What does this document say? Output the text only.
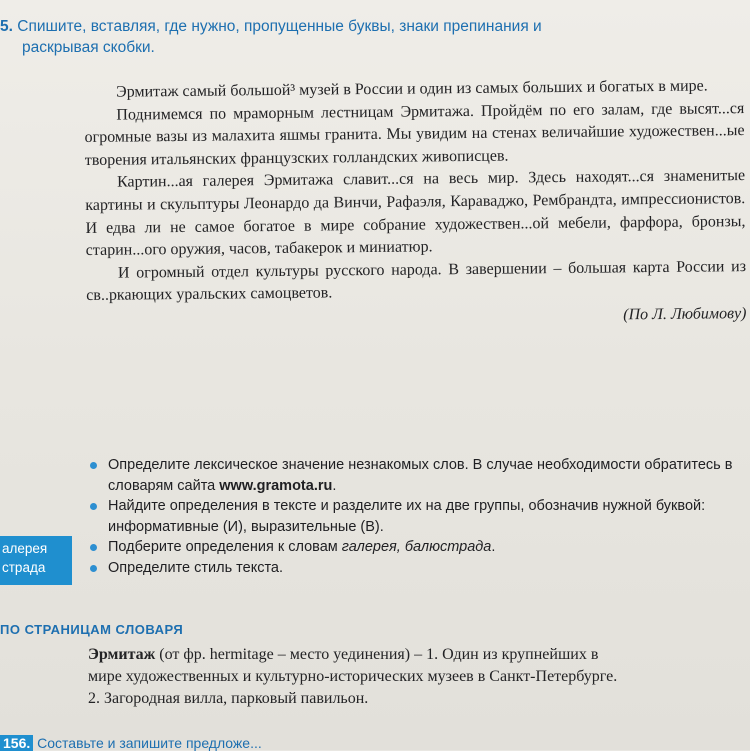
5. Спишите, вставляя, где нужно, пропущенные буквы, знаки препинания и
раскрывая скобки.

Эрмитаж самый большой³ музей в России и один из самых больших и богатых в мире.

Поднимемся по мраморным лестницам Эрмитажа. Пройдём по его залам, где высят...ся огромные вазы из малахита яшмы гранита. Мы увидим на стенах величайшие художествен...ые творения итальянских французских голландских живописцев.

Картин...ая галерея Эрмитажа славит...ся на весь мир. Здесь находят...ся знаменитые картины и скульптуры Леонардо да Винчи, Рафаэля, Караваджо, Рембрандта, импрессионистов. И едва ли не самое богатое в мире собрание художествен...ой мебели, фарфора, бронзы, старин...ого оружия, часов, табакерок и миниатюр.

И огромный отдел культуры русского народа. В завершении – большая карта России из св..ркающих уральских самоцветов.

(По Л. Любимову)
Определите лексическое значение незнакомых слов. В случае необходимости обратитесь в словарям сайта www.gramota.ru.
Найдите определения в тексте и разделите их на две группы, обозначив нужной буквой: информативные (И), выразительные (В).
Подберите определения к словам галерея, балюстрада.
Определите стиль текста.
алерея
страда
ПО СТРАНИЦАМ СЛОВАРЯ

Эрмитаж (от фр. hermitage – место уединения) – 1. Один из крупнейших в

мире художественных и культурно-исторических музеев в Санкт-Петербурге.

2. Загородная вилла, парковый павильон.

156. Составьте и запишите предложе...
